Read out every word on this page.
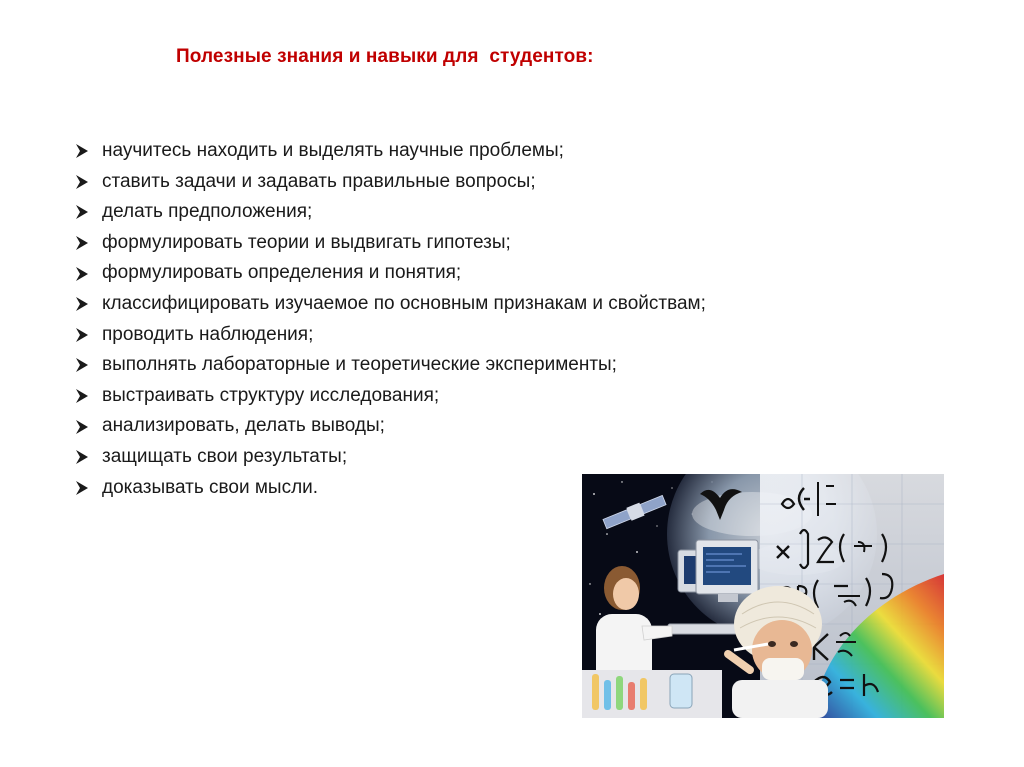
Полезные знания и навыки для  студентов:
научитесь находить и выделять научные проблемы;
ставить задачи и задавать правильные вопросы;
делать предположения;
формулировать теории и выдвигать гипотезы;
формулировать определения и понятия;
классифицировать изучаемое по основным признакам и свойствам;
проводить наблюдения;
выполнять лабораторные и теоретические эксперименты;
выстраивать структуру исследования;
анализировать, делать выводы;
защищать свои результаты;
доказывать свои мысли.
